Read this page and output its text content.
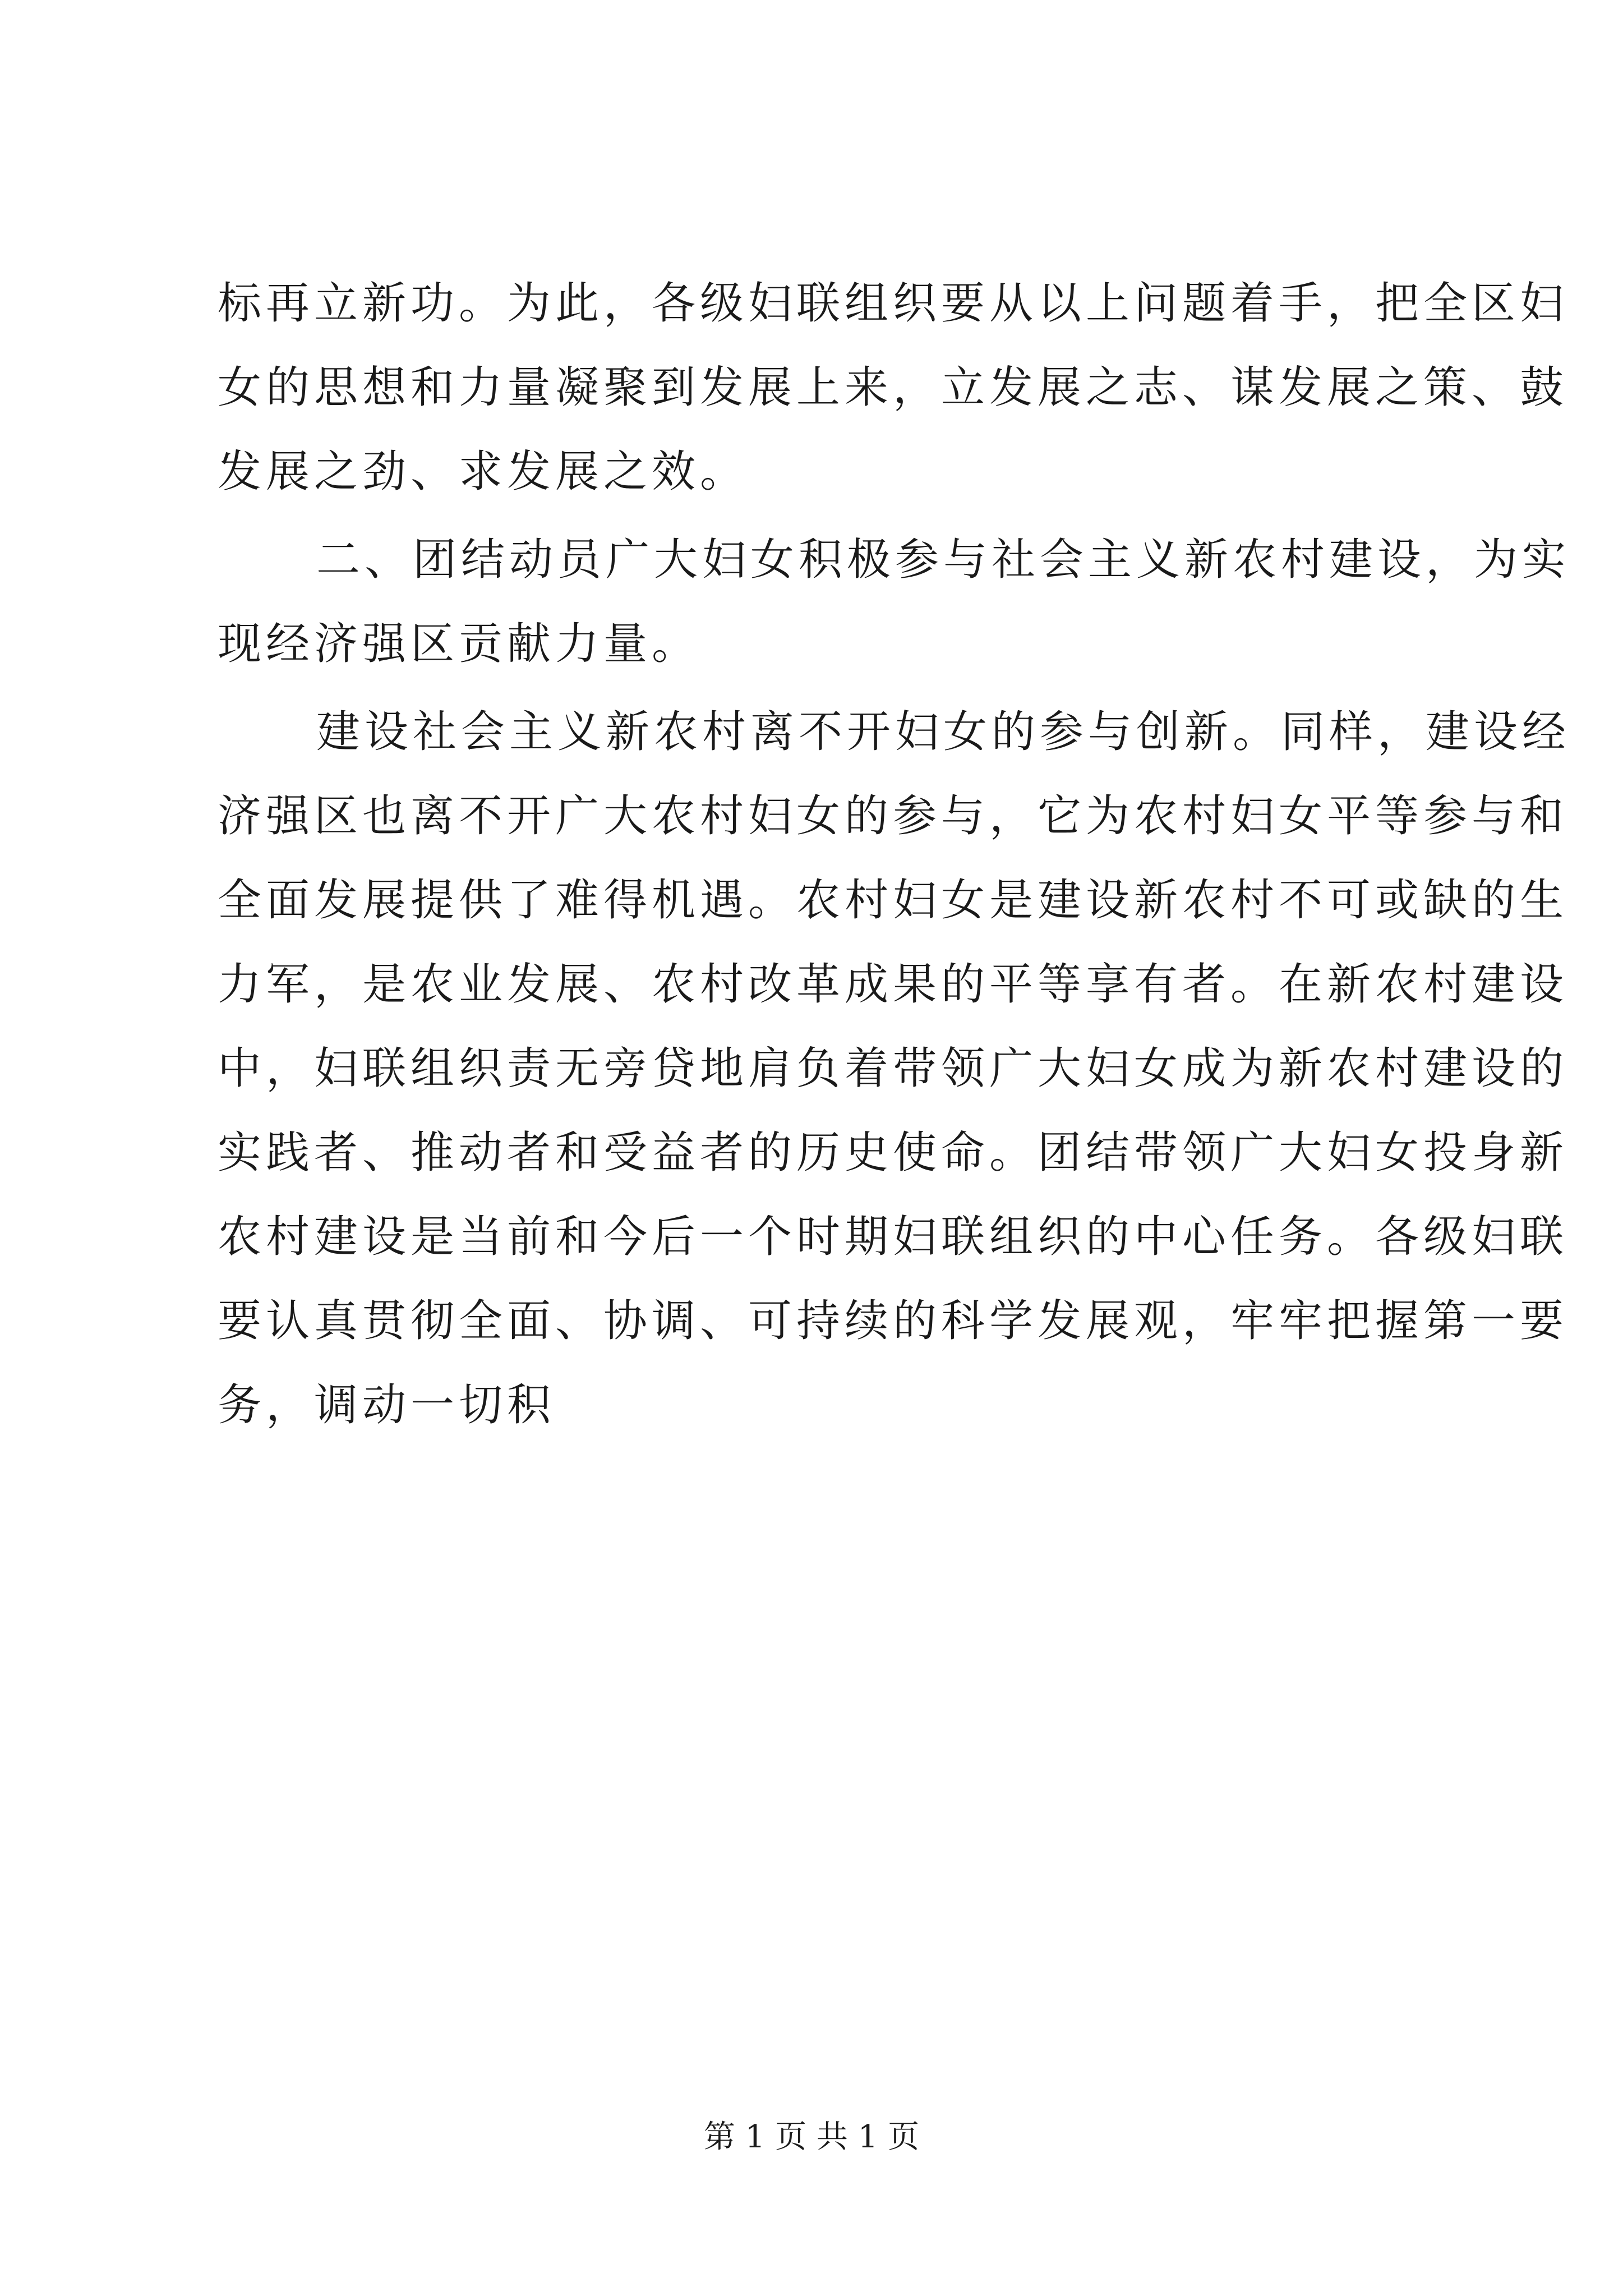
标再立新功。为此，各级妇联组织要从以上问题着手，把全区妇
女的思想和力量凝聚到发展上来，立发展之志、谋发展之策、鼓
发展之劲、求发展之效。
二、团结动员广大妇女积极参与社会主义新农村建设，为实
现经济强区贡献力量。
建设社会主义新农村离不开妇女的参与创新。同样，建设经
济强区也离不开广大农村妇女的参与，它为农村妇女平等参与和
全面发展提供了难得机遇。农村妇女是建设新农村不可或缺的生
力军，是农业发展、农村改革成果的平等享有者。在新农村建设
中，妇联组织责无旁贷地肩负着带领广大妇女成为新农村建设的
实践者、推动者和受益者的历史使命。团结带领广大妇女投身新
农村建设是当前和今后一个时期妇联组织的中心任务。各级妇联
要认真贯彻全面、协调、可持续的科学发展观，牢牢把握第一要
务，调动一切积
第 1 页 共 1 页
